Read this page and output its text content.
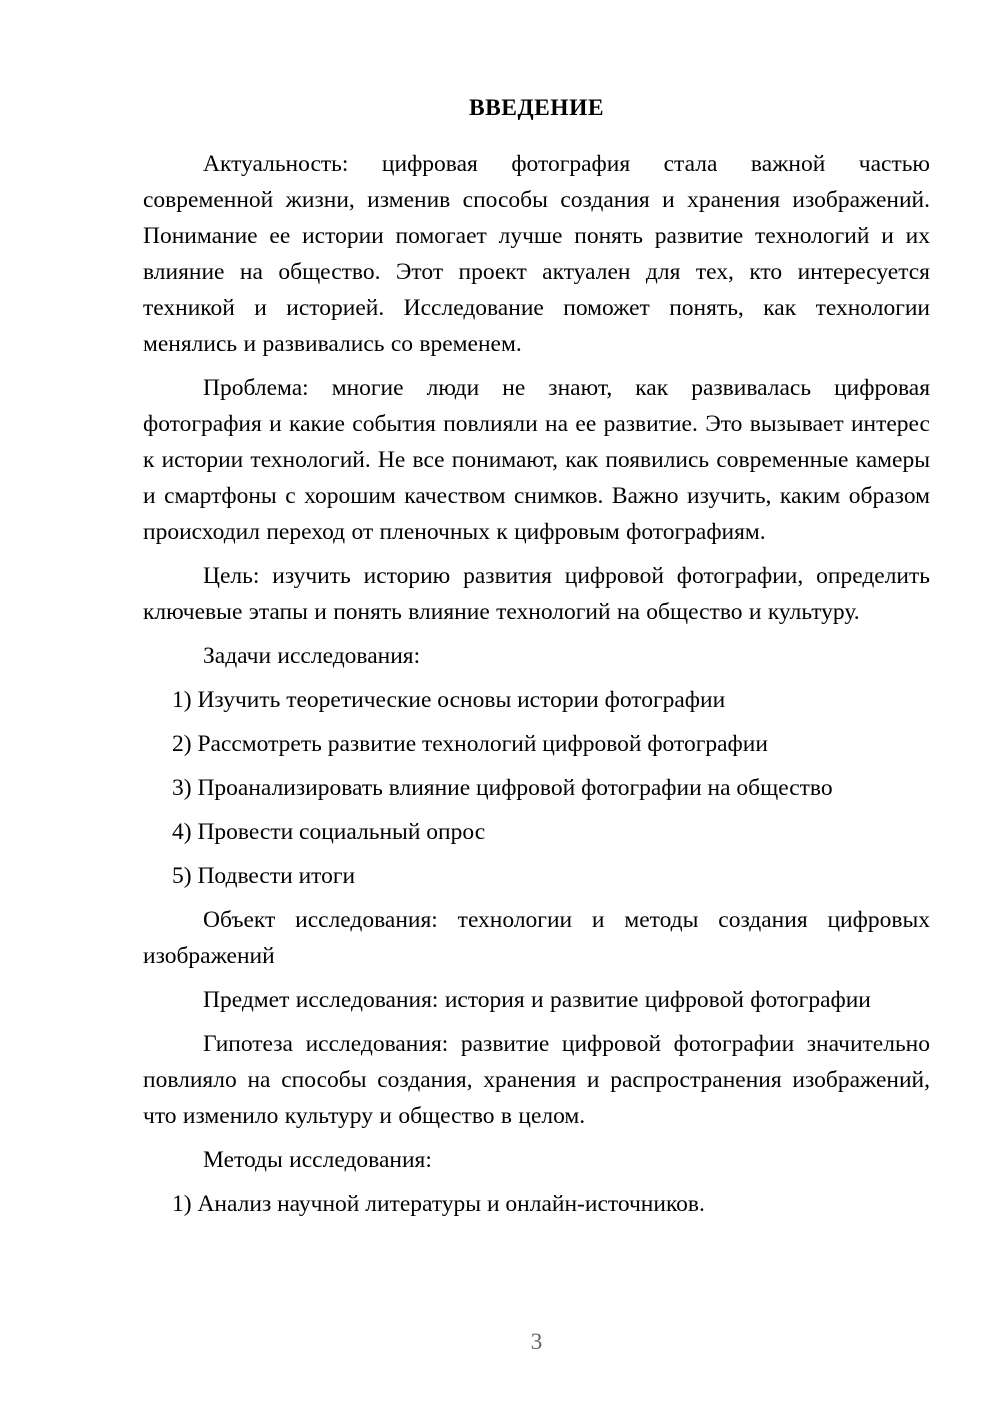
ВВЕДЕНИЕ

Актуальность: цифровая фотография стала важной частью современной жизни, изменив способы создания и хранения изображений. Понимание ее истории помогает лучше понять развитие технологий и их влияние на общество. Этот проект актуален для тех, кто интересуется техникой и историей. Исследование поможет понять, как технологии менялись и развивались со временем.

Проблема: многие люди не знают, как развивалась цифровая фотография и какие события повлияли на ее развитие. Это вызывает интерес к истории технологий. Не все понимают, как появились современные камеры и смартфоны с хорошим качеством снимков. Важно изучить, каким образом происходил переход от пленочных к цифровым фотографиям.

Цель: изучить историю развития цифровой фотографии, определить ключевые этапы и понять влияние технологий на общество и культуру.

Задачи исследования:

1) Изучить теоретические основы истории фотографии

2) Рассмотреть развитие технологий цифровой фотографии

3) Проанализировать влияние цифровой фотографии на общество

4) Провести социальный опрос

5) Подвести итоги

Объект исследования: технологии и методы создания цифровых изображений

Предмет исследования: история и развитие цифровой фотографии

Гипотеза исследования: развитие цифровой фотографии значительно повлияло на способы создания, хранения и распространения изображений, что изменило культуру и общество в целом.

Методы исследования:

1) Анализ научной литературы и онлайн-источников.

3
